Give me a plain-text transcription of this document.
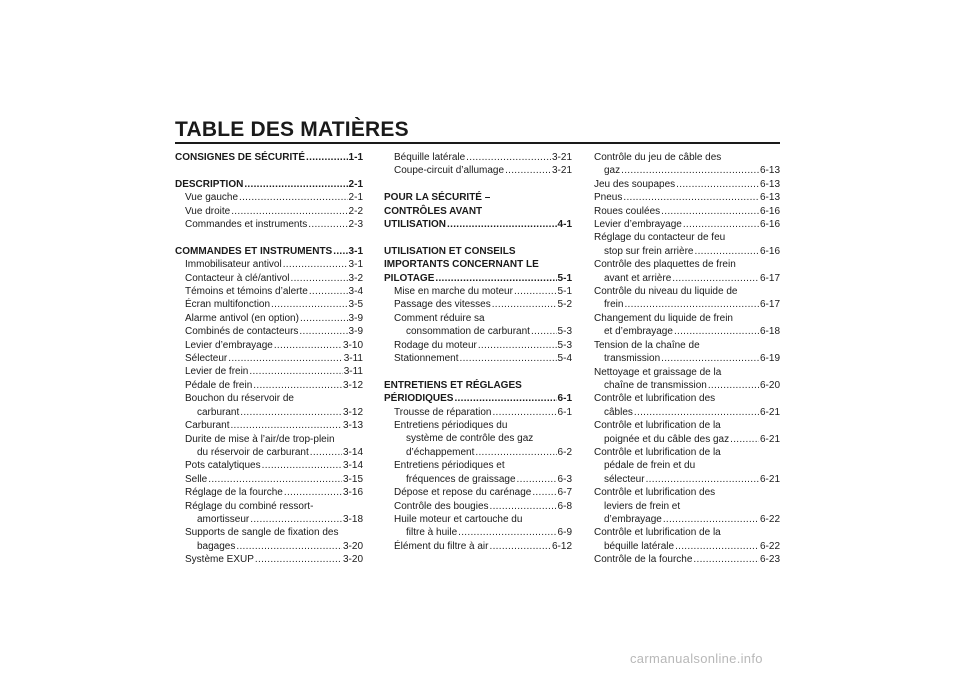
TABLE DES MATIÈRES
CONSIGNES DE SÉCURITÉ .....	1-1
DESCRIPTION .....	2-1
Vue gauche .....	2-1
Vue droite .....	2-2
Commandes et instruments .....	2-3
COMMANDES ET INSTRUMENTS ..... 3-1
Immobilisateur antivol .....	3-1
Contacteur à clé/antivol .....	3-2
Témoins et témoins d’alerte .....	3-4
Écran multifonction .....	3-5
Alarme antivol (en option) .....	3-9
Combinés de contacteurs .....	3-9
Levier d’embrayage .....	3-10
Sélecteur .....	3-11
Levier de frein .....	3-11
Pédale de frein .....	3-12
Bouchon du réservoir de
carburant .....	3-12
Carburant .....	3-13
Durite de mise à l’air/de trop-plein
du réservoir de carburant .....	3-14
Pots catalytiques .....	3-14
Selle .....	3-15
Réglage de la fourche .....	3-16
Réglage du combiné ressort-
amortisseur .....	3-18
Supports de sangle de fixation des
bagages .....	3-20
Système EXUP .....	3-20
Béquille latérale .....	3-21
Coupe-circuit d’allumage .....	3-21
POUR LA SÉCURITÉ –
CONTRÔLES AVANT
UTILISATION .....	4-1
UTILISATION ET CONSEILS
IMPORTANTS CONCERNANT LE
PILOTAGE .....	5-1
Mise en marche du moteur .....	5-1
Passage des vitesses .....	5-2
Comment réduire sa
consommation de carburant .....	5-3
Rodage du moteur .....	5-3
Stationnement .....	5-4
ENTRETIENS ET RÉGLAGES
PÉRIODIQUES .....	6-1
Trousse de réparation .....	6-1
Entretiens périodiques du
système de contrôle des gaz
d’échappement .....	6-2
Entretiens périodiques et
fréquences de graissage .....	6-3
Dépose et repose du carénage .....	6-7
Contrôle des bougies .....	6-8
Huile moteur et cartouche du
filtre à huile .....	6-9
Élément du filtre à air .....	6-12
Contrôle du jeu de câble des
gaz .....	6-13
Jeu des soupapes .....	6-13
Pneus .....	6-13
Roues coulées .....	6-16
Levier d’embrayage .....	6-16
Réglage du contacteur de feu
stop sur frein arrière .....	6-16
Contrôle des plaquettes de frein
avant et arrière .....	6-17
Contrôle du niveau du liquide de
frein .....	6-17
Changement du liquide de frein
et d’embrayage .....	6-18
Tension de la chaîne de
transmission .....	6-19
Nettoyage et graissage de la
chaîne de transmission .....	6-20
Contrôle et lubrification des
câbles .....	6-21
Contrôle et lubrification de la
poignée et du câble des gaz .....	6-21
Contrôle et lubrification de la
pédale de frein et du
sélecteur .....	6-21
Contrôle et lubrification des
leviers de frein et
d’embrayage .....	6-22
Contrôle et lubrification de la
béquille latérale .....	6-22
Contrôle de la fourche .....	6-23
carmanualsonline.info
